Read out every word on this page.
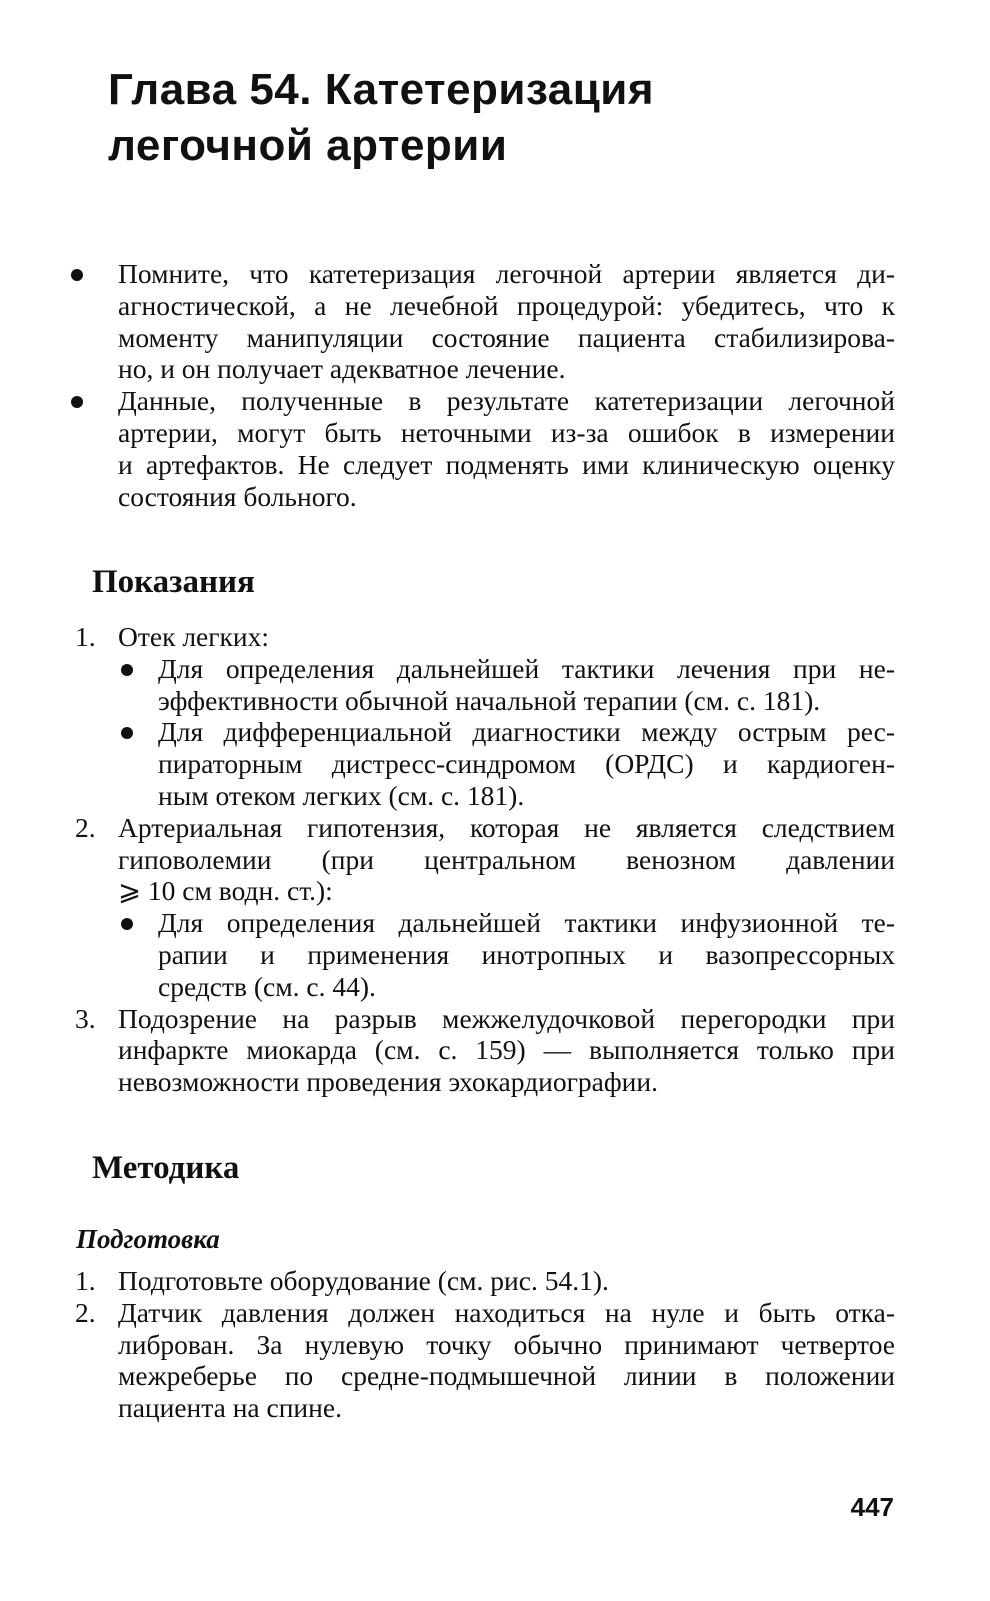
Глава 54. Катетеризация легочной артерии
Помните, что катетеризация легочной артерии является ди-
агностической, а не лечебной процедурой: убедитесь, что к
моменту манипуляции состояние пациента стабилизирова-
но, и он получает адекватное лечение.
Данные, полученные в результате катетеризации легочной
артерии, могут быть неточными из-за ошибок в измерении
и артефактов. Не следует подменять ими клиническую оценку
состояния больного.
Показания
1. Отек легких:
Для определения дальнейшей тактики лечения при не-
эффективности обычной начальной терапии (см. с. 181).
Для дифференциальной диагностики между острым рес-
пираторным дистресс-синдромом (ОРДС) и кардиоген-
ным отеком легких (см. с. 181).
2. Артериальная гипотензия, которая не является следствием
гиповолемии (при центральном венозном давлении
⩾ 10 см водн. ст.):
Для определения дальнейшей тактики инфузионной те-
рапии и применения инотропных и вазопрессорных
средств (см. с. 44).
3. Подозрение на разрыв межжелудочковой перегородки при
инфаркте миокарда (см. с. 159) — выполняется только при
невозможности проведения эхокардиографии.
Методика
Подготовка
1. Подготовьте оборудование (см. рис. 54.1).
2. Датчик давления должен находиться на нуле и быть отка-
либрован. За нулевую точку обычно принимают четвертое
межреберье по средне-подмышечной линии в положении
пациента на спине.
447
